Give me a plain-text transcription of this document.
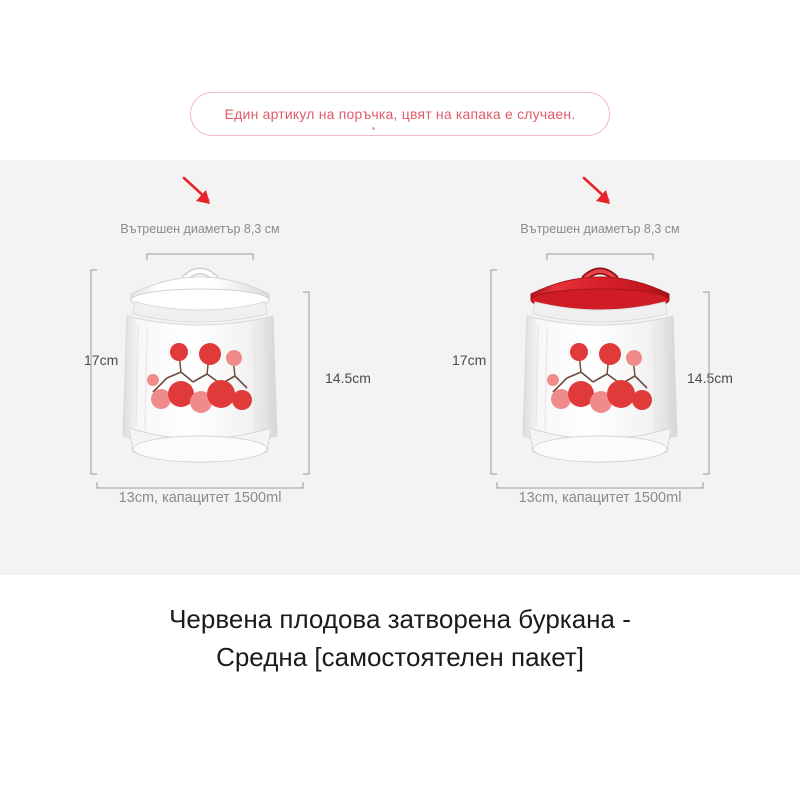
Един артикул на поръчка, цвят на капака е случаен.
Вътрешен диаметър 8,3 см
17cm
14.5cm
13cm, капацитет 1500ml
Вътрешен диаметър 8,3 см
17cm
14.5cm
13cm, капацитет 1500ml
Червена плодова затворена буркана -
Средна [самостоятелен пакет]
